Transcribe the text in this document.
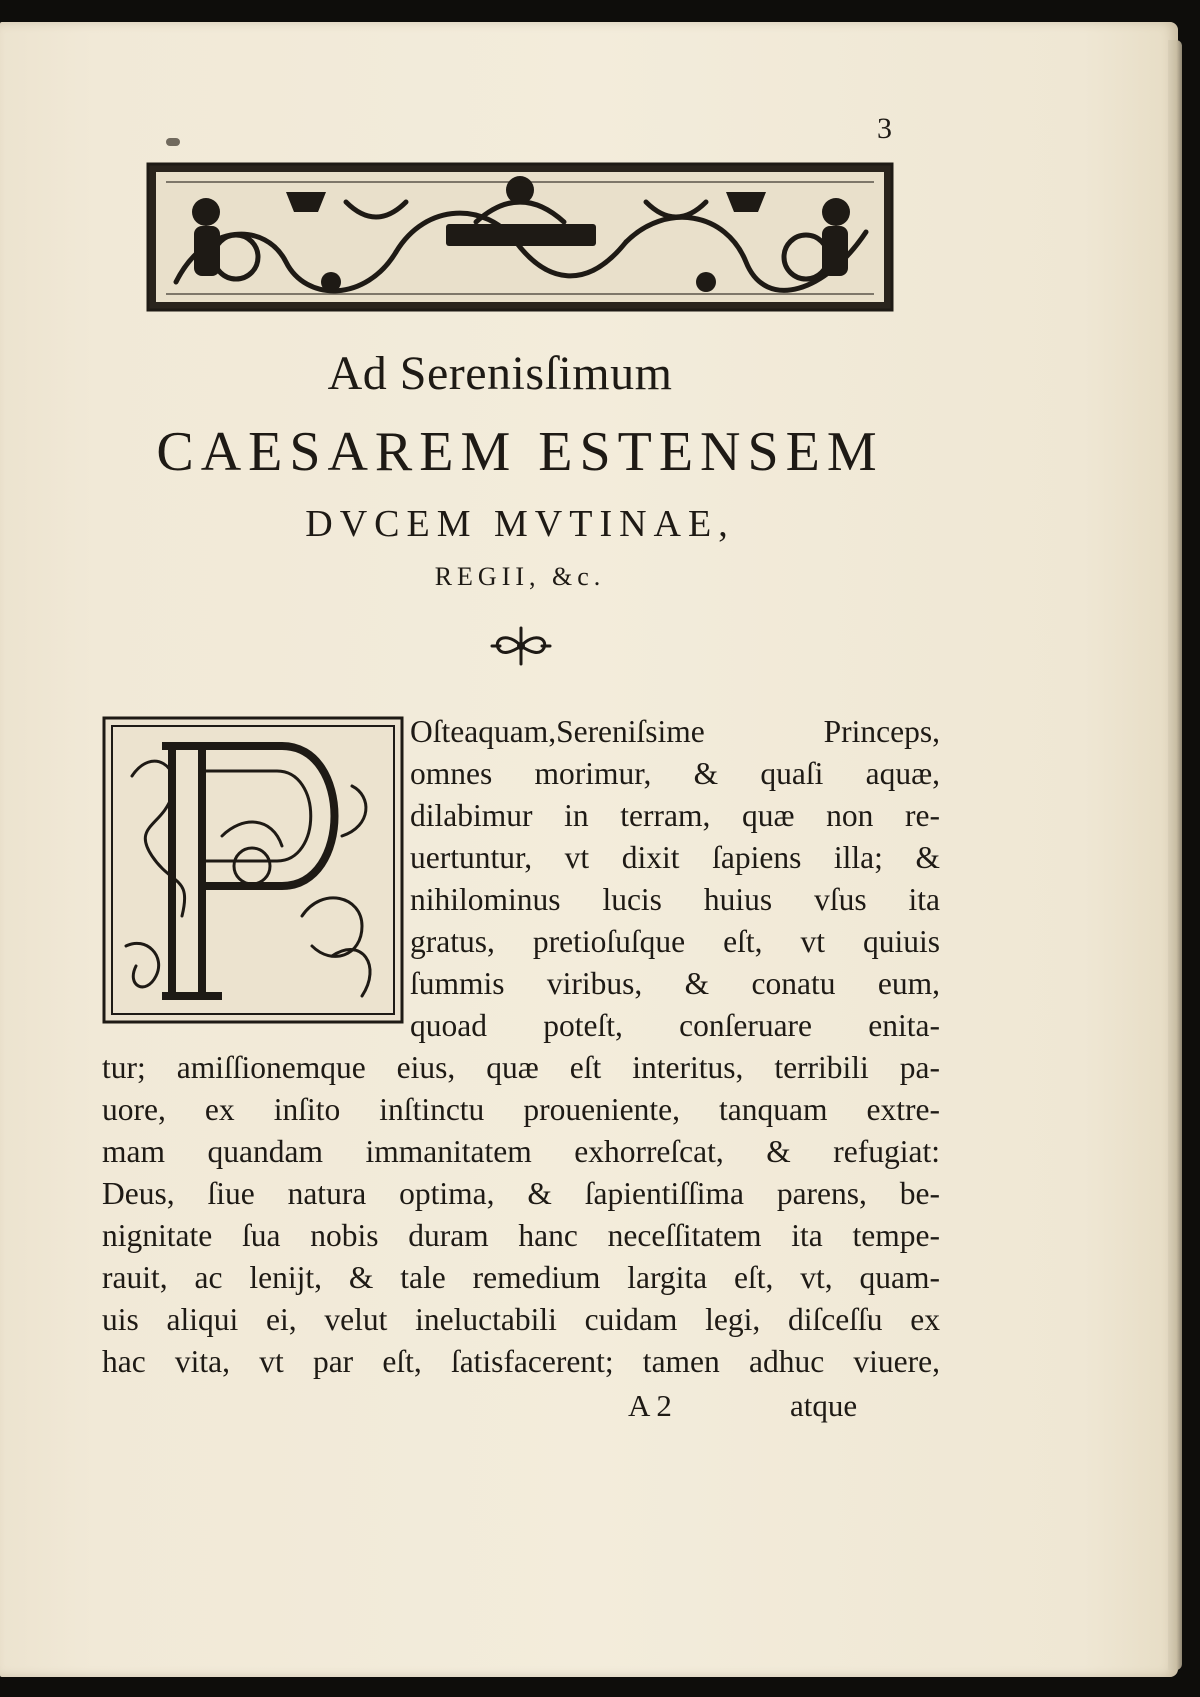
3
Ad Serenisſimum
CAESAREM ESTENSEM
DVCEM MVTINAE,
REGII, &c.
Oſteaquam,Sereniſsime Princeps,
omnes morimur, & quaſi aquæ,
dilabimur in terram, quæ non re-
uertuntur, vt dixit ſapiens illa; &
nihilominus lucis huius vſus ita
gratus, pretioſuſque eſt, vt quiuis
ſummis viribus, & conatu eum,
quoad poteſt, conſeruare enita-
tur; amiſſionemque eius, quæ eſt interitus, terribili pa-
uore, ex inſito inſtinctu proueniente, tanquam extre-
mam quandam immanitatem exhorreſcat, & refugiat:
Deus, ſiue natura optima, & ſapientiſſima parens, be-
nignitate ſua nobis duram hanc neceſſitatem ita tempe-
rauit, ac lenijt, & tale remedium largita eſt, vt, quam-
uis aliqui ei, velut ineluctabili cuidam legi, diſceſſu ex
hac vita, vt par eſt, ſatisfacerent; tamen adhuc viuere,
A 2	atque
